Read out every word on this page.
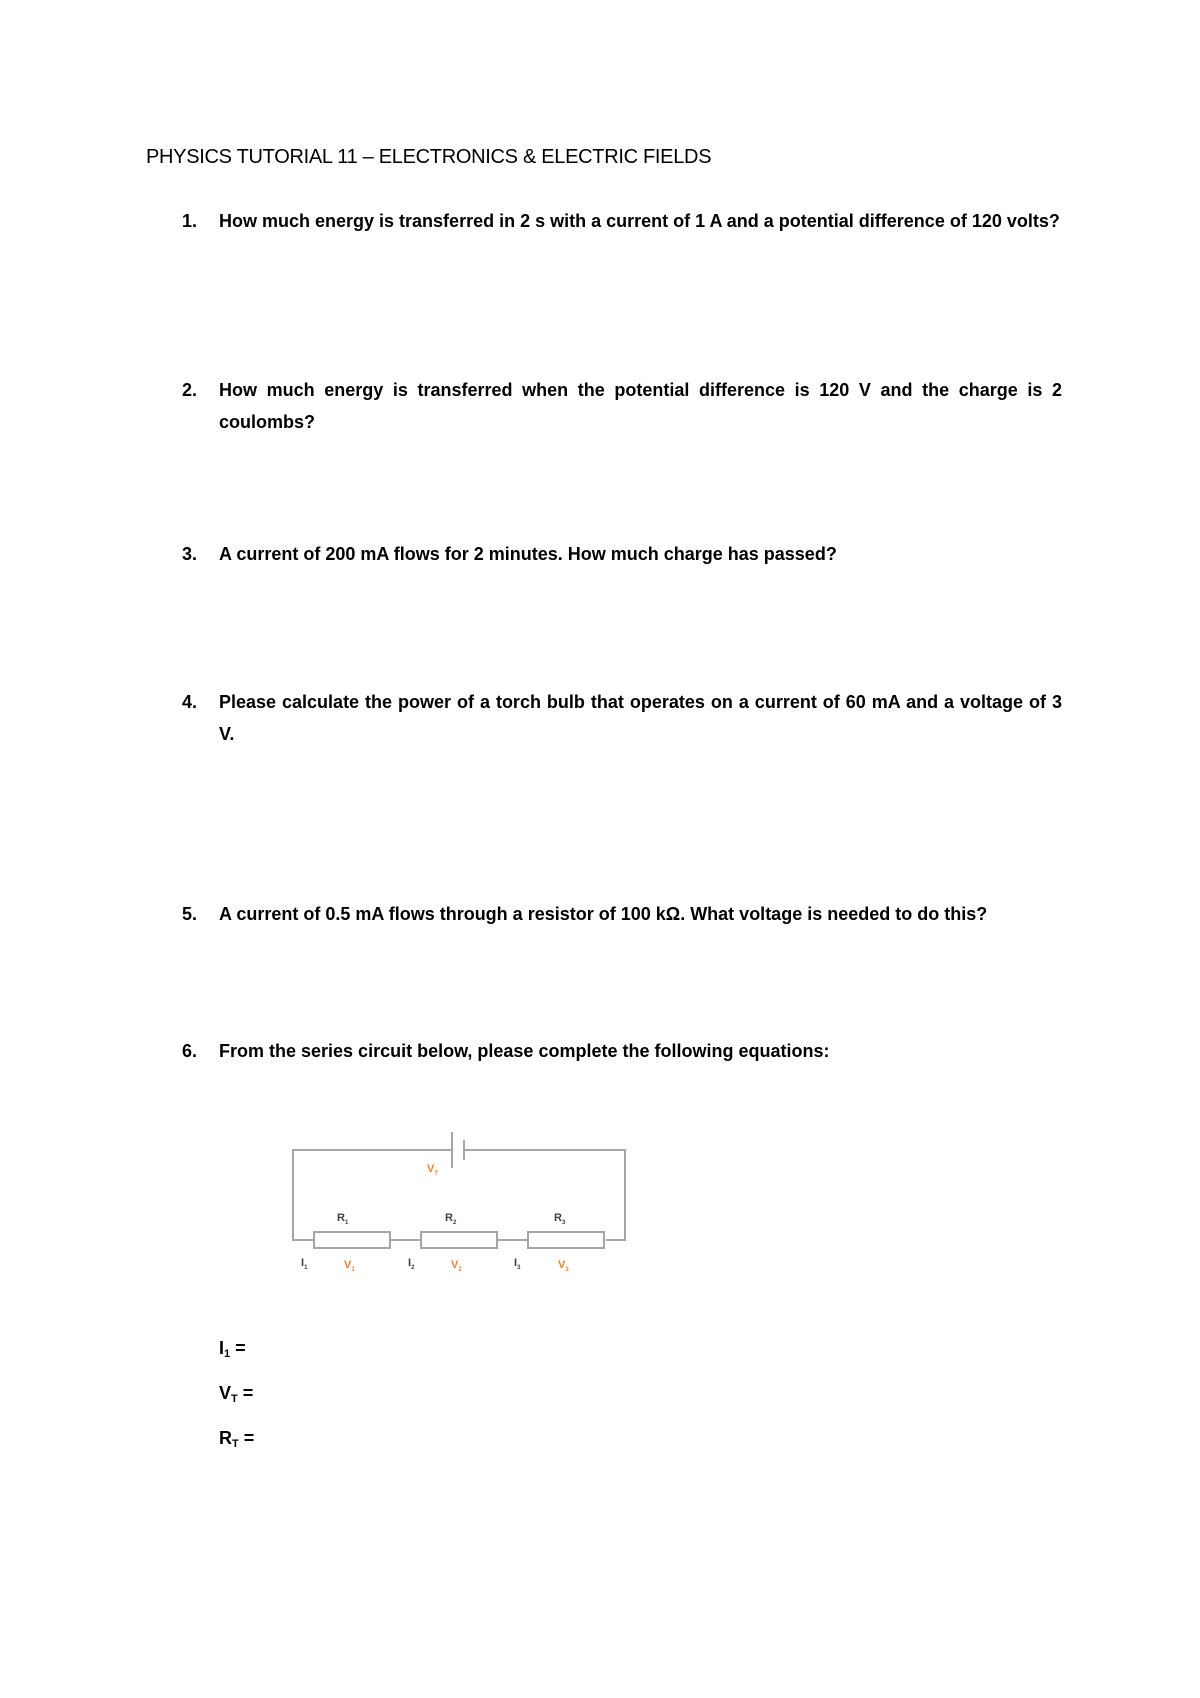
PHYSICS TUTORIAL 11 – ELECTRONICS & ELECTRIC FIELDS
1.	How much energy is transferred in 2 s with a current of 1 A and a potential difference of 120 volts?
2.	How much energy is transferred when the potential difference is 120 V and the charge is 2 coulombs?
3.	A current of 200 mA flows for 2 minutes. How much charge has passed?
4.	Please calculate the power of a torch bulb that operates on a current of 60 mA and a voltage of 3 V.
5.	A current of 0.5 mA flows through a resistor of 100 kΩ. What voltage is needed to do this?
6.	From the series circuit below, please complete the following equations:
$V_T$
$R_1$	$R_2$	$R_3$
$I_1$	$I_2$	$I_3$
$V_1$	$V_2$	$V_3$
$I_1$ =
$V_T$ =
$R_T$ =
